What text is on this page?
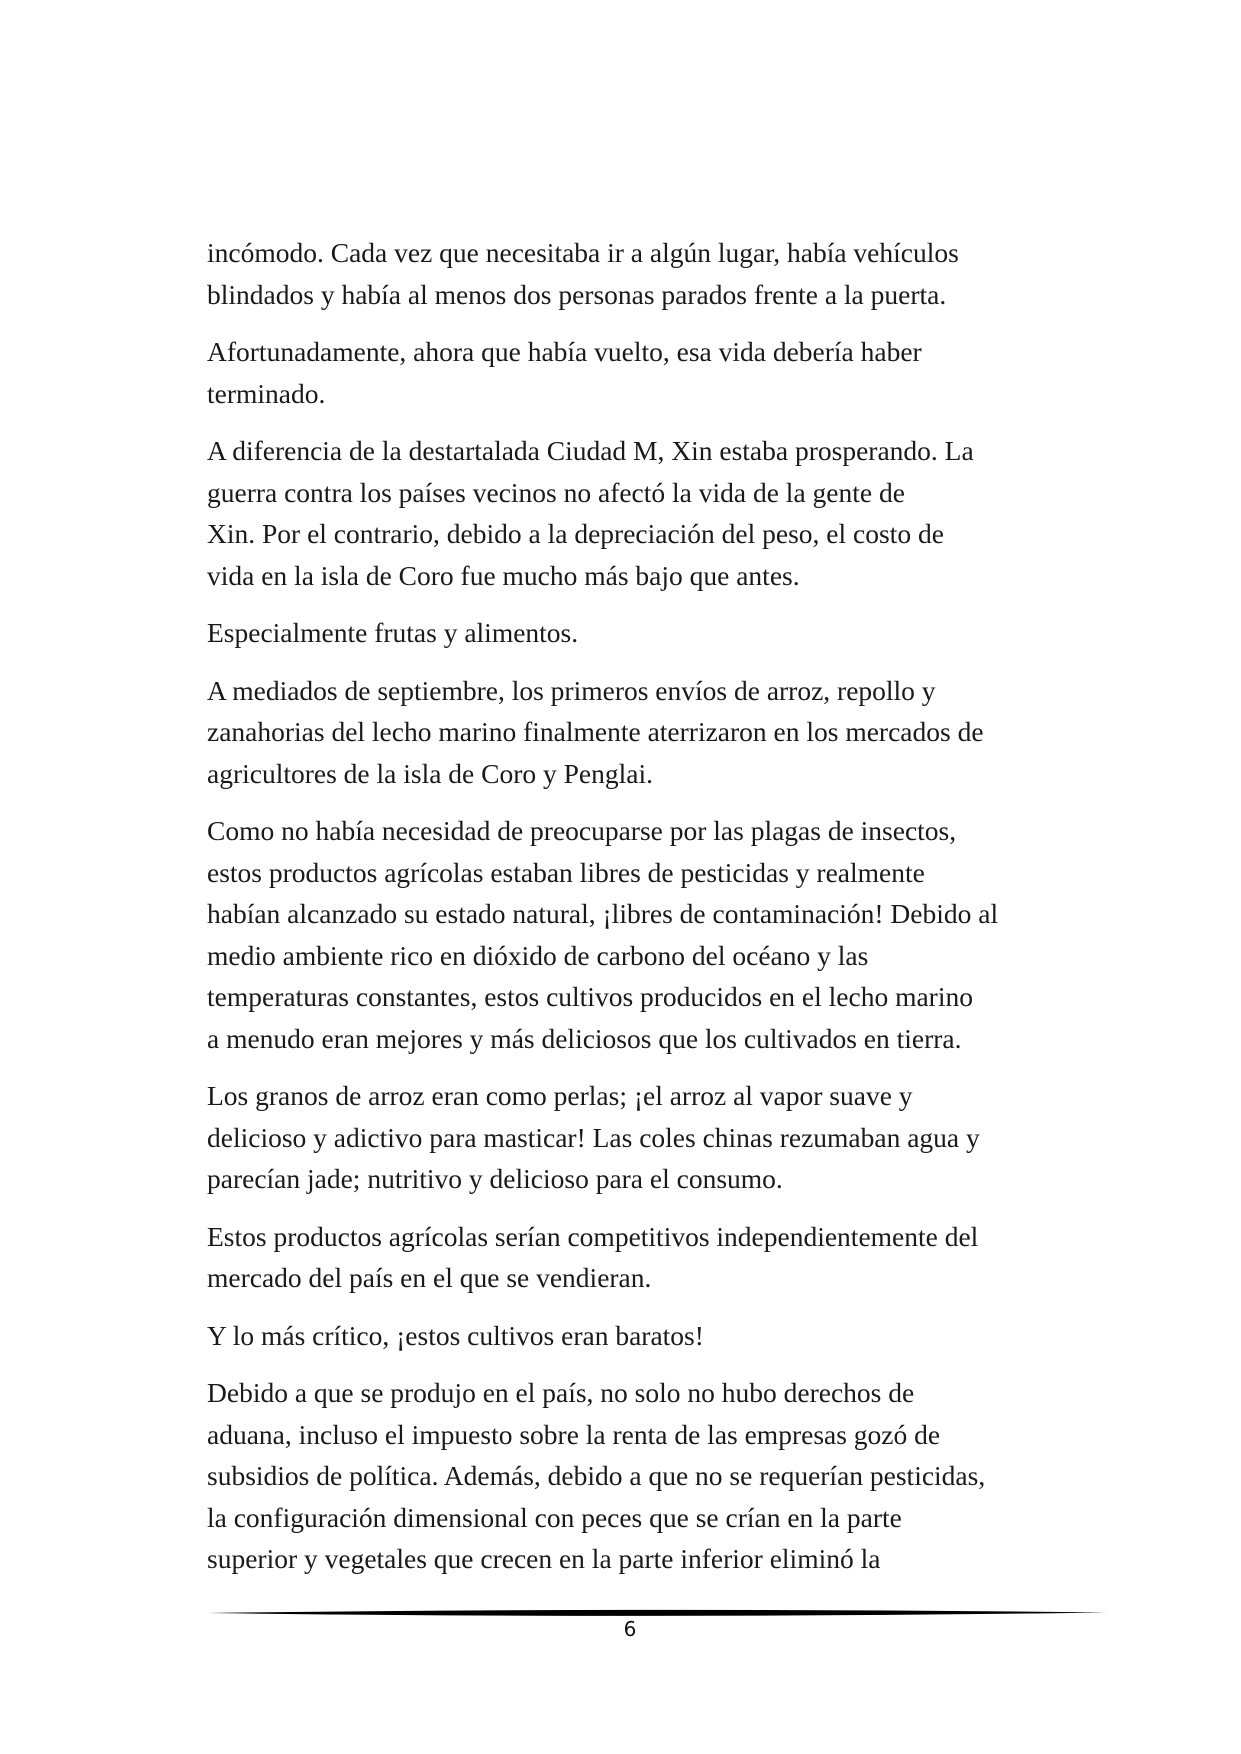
incómodo. Cada vez que necesitaba ir a algún lugar, había vehículos
blindados y había al menos dos personas parados frente a la puerta.

Afortunadamente, ahora que había vuelto, esa vida debería haber
terminado.

A diferencia de la destartalada Ciudad M, Xin estaba prosperando. La
guerra contra los países vecinos no afectó la vida de la gente de
Xin. Por el contrario, debido a la depreciación del peso, el costo de
vida en la isla de Coro fue mucho más bajo que antes.

Especialmente frutas y alimentos.

A mediados de septiembre, los primeros envíos de arroz, repollo y
zanahorias del lecho marino finalmente aterrizaron en los mercados de
agricultores de la isla de Coro y Penglai.

Como no había necesidad de preocuparse por las plagas de insectos,
estos productos agrícolas estaban libres de pesticidas y realmente
habían alcanzado su estado natural, ¡libres de contaminación! Debido al
medio ambiente rico en dióxido de carbono del océano y las
temperaturas constantes, estos cultivos producidos en el lecho marino
a menudo eran mejores y más deliciosos que los cultivados en tierra.

Los granos de arroz eran como perlas; ¡el arroz al vapor suave y
delicioso y adictivo para masticar! Las coles chinas rezumaban agua y
parecían jade; nutritivo y delicioso para el consumo.

Estos productos agrícolas serían competitivos independientemente del
mercado del país en el que se vendieran.

Y lo más crítico, ¡estos cultivos eran baratos!

Debido a que se produjo en el país, no solo no hubo derechos de
aduana, incluso el impuesto sobre la renta de las empresas gozó de
subsidios de política. Además, debido a que no se requerían pesticidas,
la configuración dimensional con peces que se crían en la parte
superior y vegetales que crecen en la parte inferior eliminó la

6
